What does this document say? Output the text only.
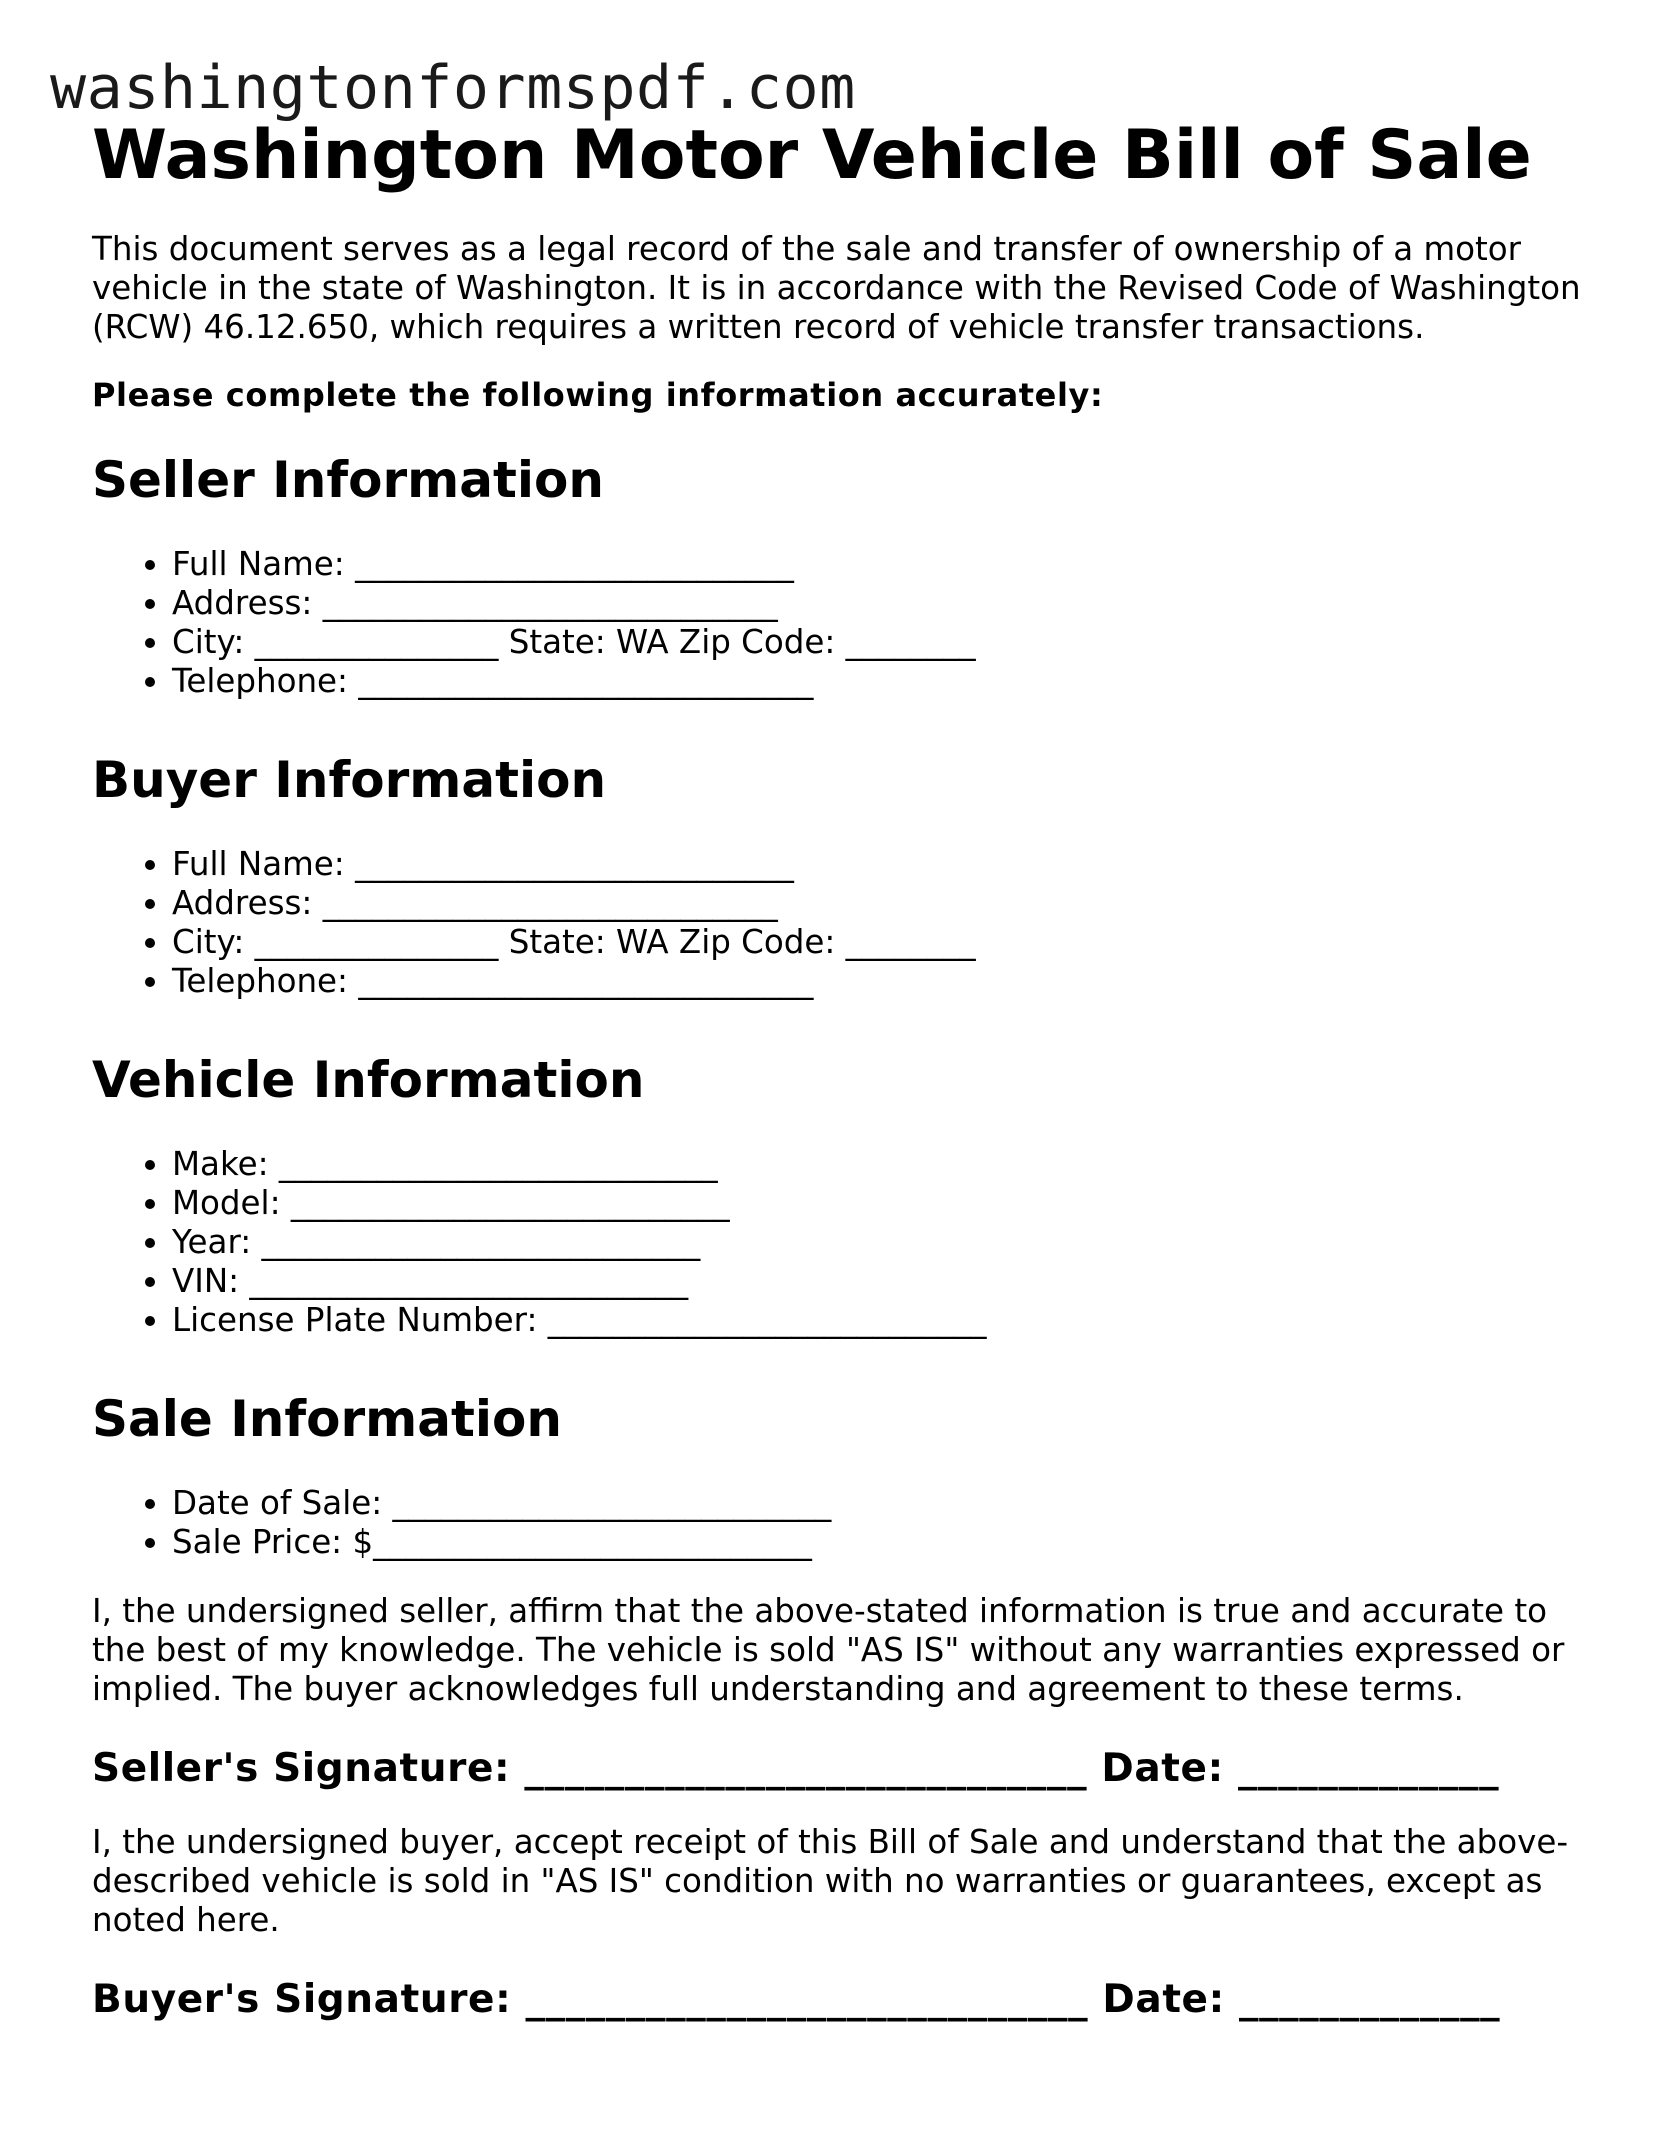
washingtonformspdf.com
Washington Motor Vehicle Bill of Sale

This document serves as a legal record of the sale and transfer of ownership of a motor vehicle in the state of Washington. It is in accordance with the Revised Code of Washington (RCW) 46.12.650, which requires a written record of vehicle transfer transactions.

Please complete the following information accurately:

Seller Information
• Full Name: ___________________________
• Address: ____________________________
• City: _______________ State: WA Zip Code: ________
• Telephone: ____________________________
Buyer Information
• Full Name: ___________________________
• Address: ____________________________
• City: _______________ State: WA Zip Code: ________
• Telephone: ____________________________
Vehicle Information
• Make: ___________________________
• Model: ___________________________
• Year: ___________________________
• VIN: ___________________________
• License Plate Number: ___________________________
Sale Information
• Date of Sale: ___________________________
• Sale Price: $___________________________

I, the undersigned seller, affirm that the above-stated information is true and accurate to the best of my knowledge. The vehicle is sold "AS IS" without any warranties expressed or implied. The buyer acknowledges full understanding and agreement to these terms.

Seller's Signature: ____________________________ Date: _____________

I, the undersigned buyer, accept receipt of this Bill of Sale and understand that the above-described vehicle is sold in "AS IS" condition with no warranties or guarantees, except as noted here.

Buyer's Signature: ____________________________ Date: _____________
